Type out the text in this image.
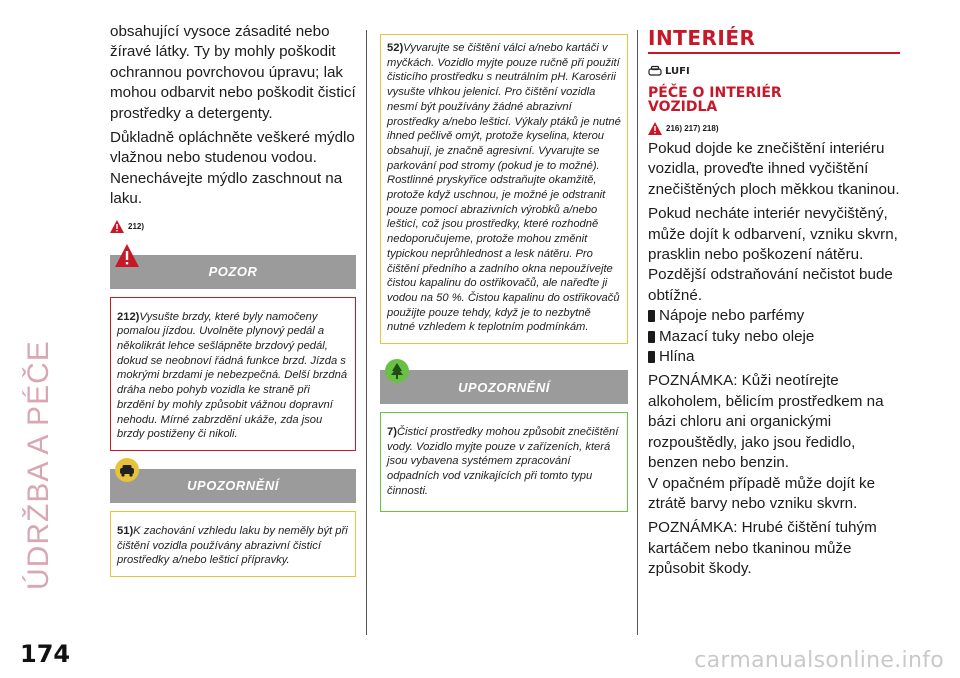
ÚDRŽBA A PÉČE

obsahující vysoce zásadité nebo žíravé látky. Ty by mohly poškodit ochrannou povrchovou úpravu; lak mohou odbarvit nebo poškodit čisticí prostředky a detergenty.

Důkladně opláchněte veškeré mýdlo vlažnou nebo studenou vodou. Nenechávejte mýdlo zaschnout na laku.

212)
POZOR
212)Vysušte brzdy, které byly namočeny pomalou jízdou. Uvolněte plynový pedál a několikrát lehce sešlápněte brzdový pedál, dokud se neobnoví řádná funkce brzd. Jízda s mokrými brzdami je nebezpečná. Delší brzdná dráha nebo pohyb vozidla ke straně při brzdění by mohly způsobit vážnou dopravní nehodu. Mírné zabrzdění ukáže, zda jsou brzdy postiženy či nikoli.
UPOZORNĚNÍ
51)K zachování vzhledu laku by neměly být při čištění vozidla používány abrazivní čisticí prostředky a/nebo lešticí přípravky.
52)Vyvarujte se čištění válci a/nebo kartáči v myčkách. Vozidlo myjte pouze ručně při použití čisticího prostředku s neutrálním pH. Karosérii vysušte vlhkou jelenicí. Pro čištění vozidla nesmí být používány žádné abrazivní prostředky a/nebo lešticí. Výkaly ptáků je nutné ihned pečlivě omýt, protože kyselina, kterou obsahují, je značně agresivní. Vyvarujte se parkování pod stromy (pokud je to možné). Rostlinné pryskyřice odstraňujte okamžitě, protože když uschnou, je možné je odstranit pouze pomocí abrazivních výrobků a/nebo lešticí, což jsou prostředky, které rozhodně nedoporučujeme, protože mohou změnit typickou neprůhlednost a lesk nátěru. Pro čištění předního a zadního okna nepoužívejte čistou kapalinu do ostřikovačů, ale nařeďte ji vodou na 50 %. Čistou kapalinu do ostřikovačů použijte pouze tehdy, když je to nezbytně nutné vzhledem k teplotním podmínkám.
UPOZORNĚNÍ
7)Čisticí prostředky mohou způsobit znečištění vody. Vozidlo myjte pouze v zařízeních, která jsou vybavena systémem zpracování odpadních vod vznikajících při tomto typu činnosti.
INTERIÉR
LUFI
PÉČE O INTERIÉR
VOZIDLA
216) 217) 218)

Pokud dojde ke znečištění interiéru vozidla, proveďte ihned vyčištění znečištěných ploch měkkou tkaninou.

Pokud necháte interiér nevyčištěný, může dojít k odbarvení, vzniku skvrn, prasklin nebo poškození nátěru. Pozdější odstraňování nečistot bude obtížné.

Nápoje nebo parfémy
Mazací tuky nebo oleje
Hlína

POZNÁMKA: Kůži neotírejte alkoholem, bělicím prostředkem na bázi chloru ani organickými rozpouštědly, jako jsou ředidlo, benzen nebo benzin.

V opačném případě může dojít ke ztrátě barvy nebo vzniku skvrn.

POZNÁMKA: Hrubé čištění tuhým kartáčem nebo tkaninou může způsobit škody.

174	carmanualsonline.info
